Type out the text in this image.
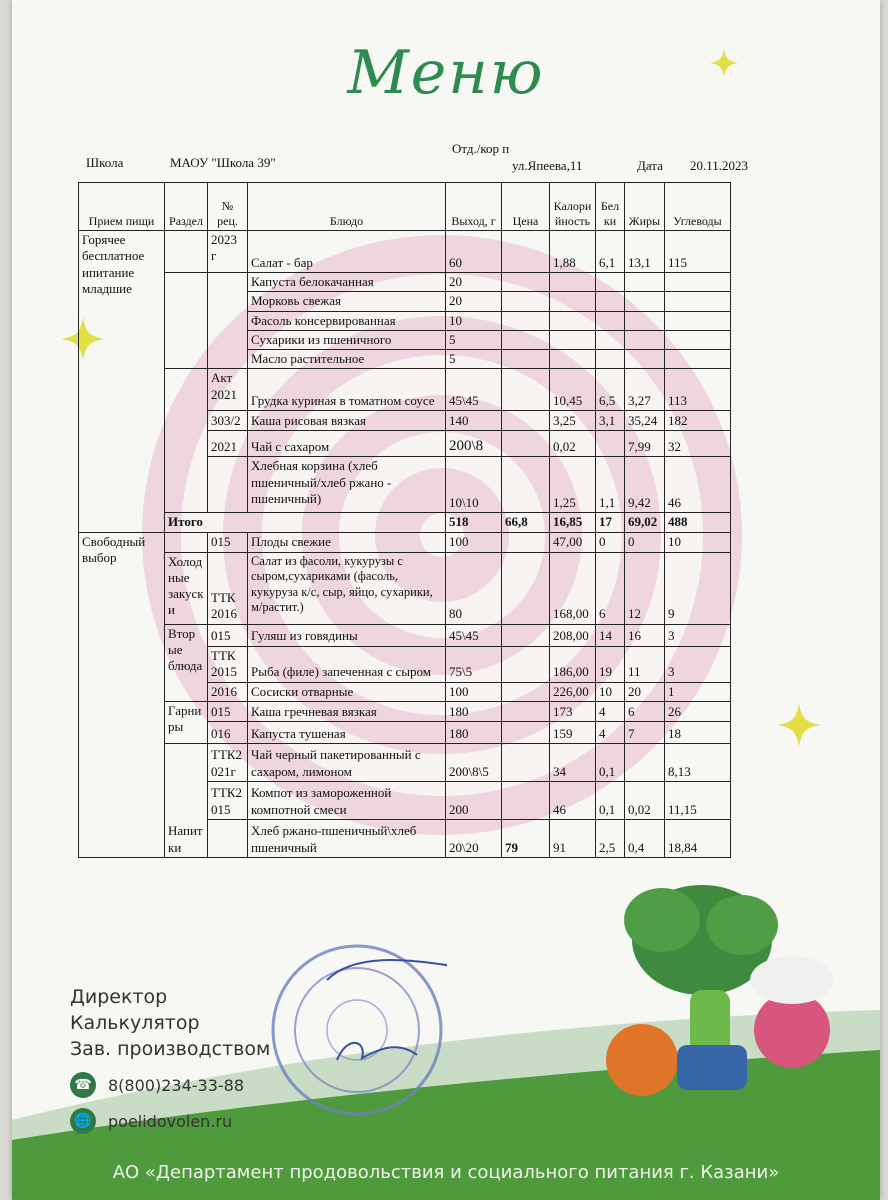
Меню
Школа	МАОУ "Школа 39"
Отд./кор п
ул.Япеева,11	Дата 20.11.2023
Прием пищи	Раздел	№ рец.	Блюдо	Выход, г	Цена	Калори йность	Бел ки	Жиры	Углеводы
Горячее бесплатное ипитание младшие		2023 г	Салат - бар	60		1,88	6,1	13,1	115
			Капуста белокачанная	20					
			Морковь свежая	20					
			Фасоль консервированная	10					
			Сухарики из пшеничного	5					
			Масло растительное	5					
		Акт 2021	Грудка куриная в томатном соусе	45\45		10,45	6,5	3,27	113
		303/2	Каша рисовая вязкая	140		3,25	3,1	35,24	182
		2021	Чай с сахаром	200\8		0,02		7,99	32
			Хлебная корзина (хлеб пшеничный/хлеб ржано - пшеничный)	10\10		1,25	1,1	9,42	46
	Итого			518	66,8	16,85	17	69,02	488
Свободный выбор		015	Плоды свежие	100		47,00	0	0	10
	Холод ные закуск и	ТТК 2016	Салат из фасоли, кукурузы с сыром,сухариками (фасоль, кукуруза к/с, сыр, яйцо, сухарики, м/растит.)	80		168,00	6	12	9
	Втор ые блюда	015	Гуляш из говядины	45\45		208,00	14	16	3
		ТТК 2015	Рыба (филе) запеченная с сыром	75\5		186,00	19	11	3
		2016	Сосиски отварные	100		226,00	10	20	1
	Гарни ры	015	Каша гречневая вязкая	180		173	4	6	26
		016	Капуста тушеная	180		159	4	7	18
	Напит ки	ТТК2 021г	Чай черный пакетированный с сахаром, лимоном	200\8\5		34	0,1		8,13
		ТТК2 015	Компот из замороженной компотной смеси	200		46	0,1	0,02	11,15
			Хлеб ржано-пшеничный\хлеб пшеничный	20\20	79	91	2,5	0,4	18,84
Директор
Калькулятор
Зав. производством
☎ 8(800)234-33-88
🌐 poelidovolen.ru
АО «Департамент продовольствия и социального питания г. Казани»
